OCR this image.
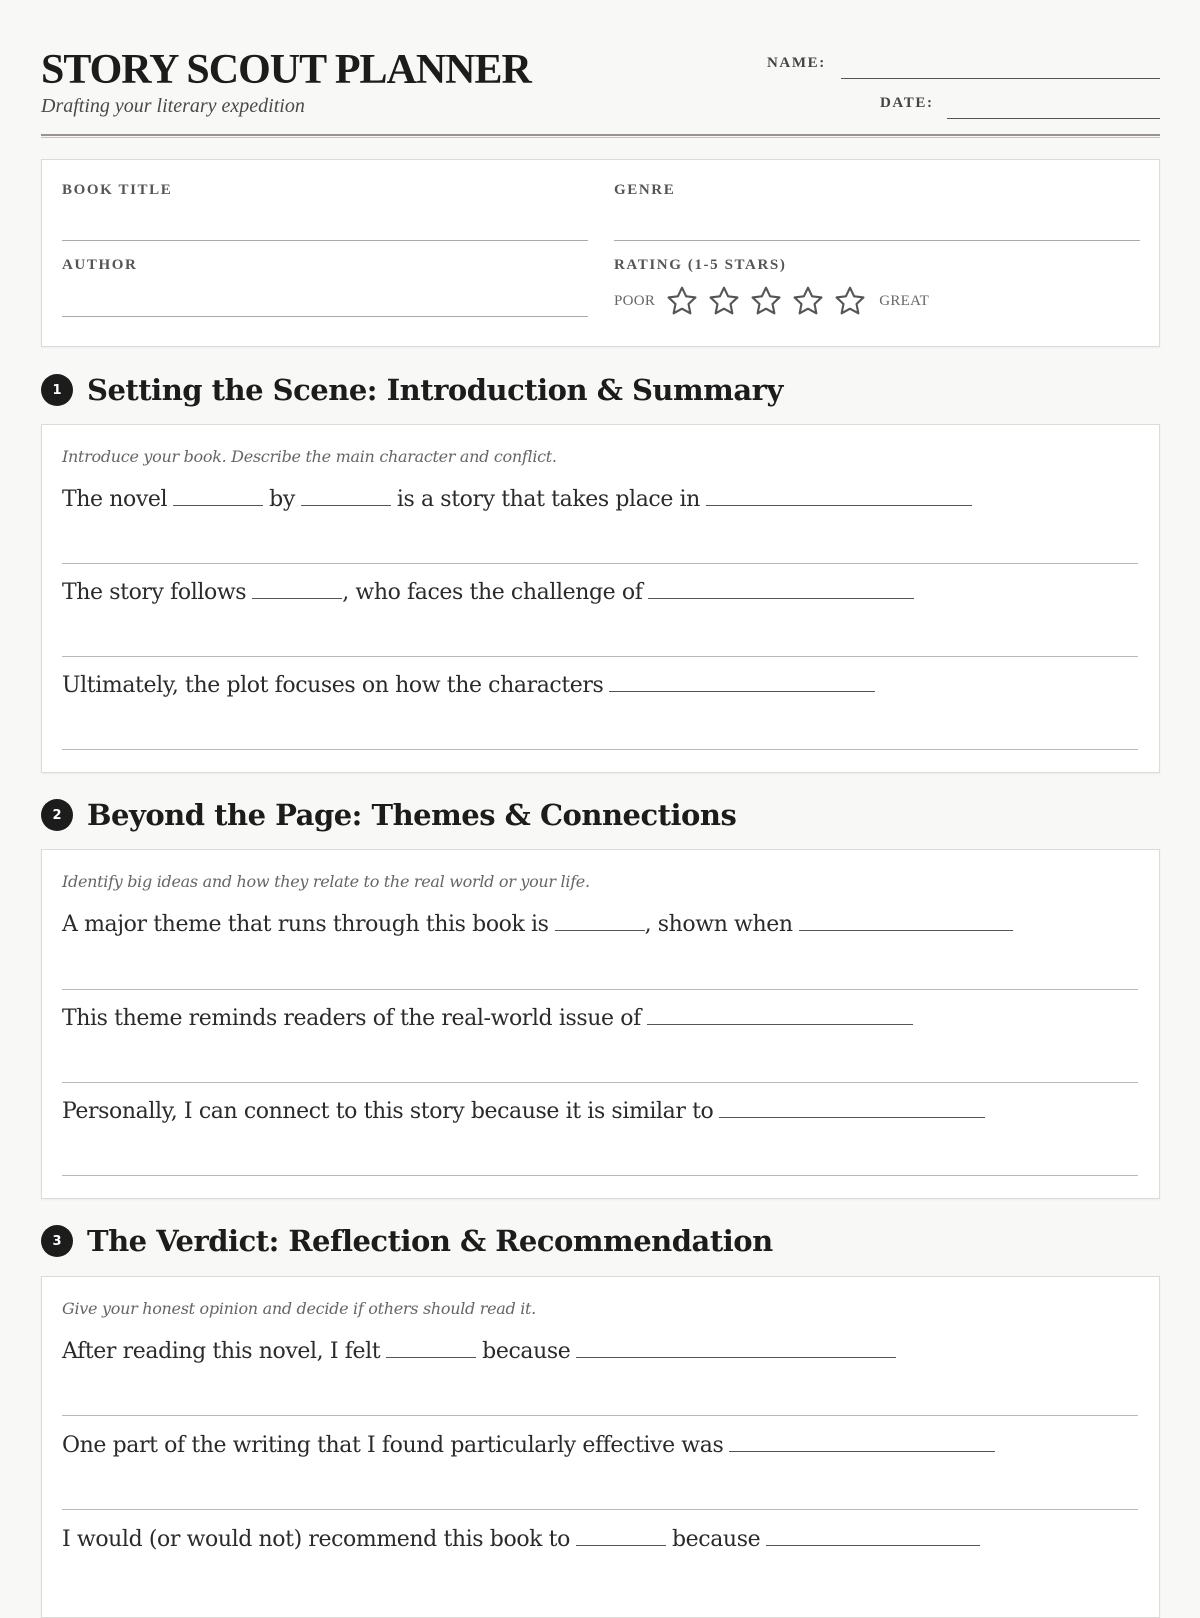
STORY SCOUT PLANNER
Drafting your literary expedition
NAME:
DATE:
BOOK TITLE	GENRE
AUTHOR	RATING (1-5 STARS)
POOR	GREAT
1 Setting the Scene: Introduction & Summary
Introduce your book. Describe the main character and conflict.
The novel	by	is a story that takes place in
The story follows	, who faces the challenge of
Ultimately, the plot focuses on how the characters
2 Beyond the Page: Themes & Connections
Identify big ideas and how they relate to the real world or your life.
A major theme that runs through this book is	, shown when
This theme reminds readers of the real-world issue of
Personally, I can connect to this story because it is similar to
3 The Verdict: Reflection & Recommendation
Give your honest opinion and decide if others should read it.
After reading this novel, I felt	because
One part of the writing that I found particularly effective was
I would (or would not) recommend this book to	because
